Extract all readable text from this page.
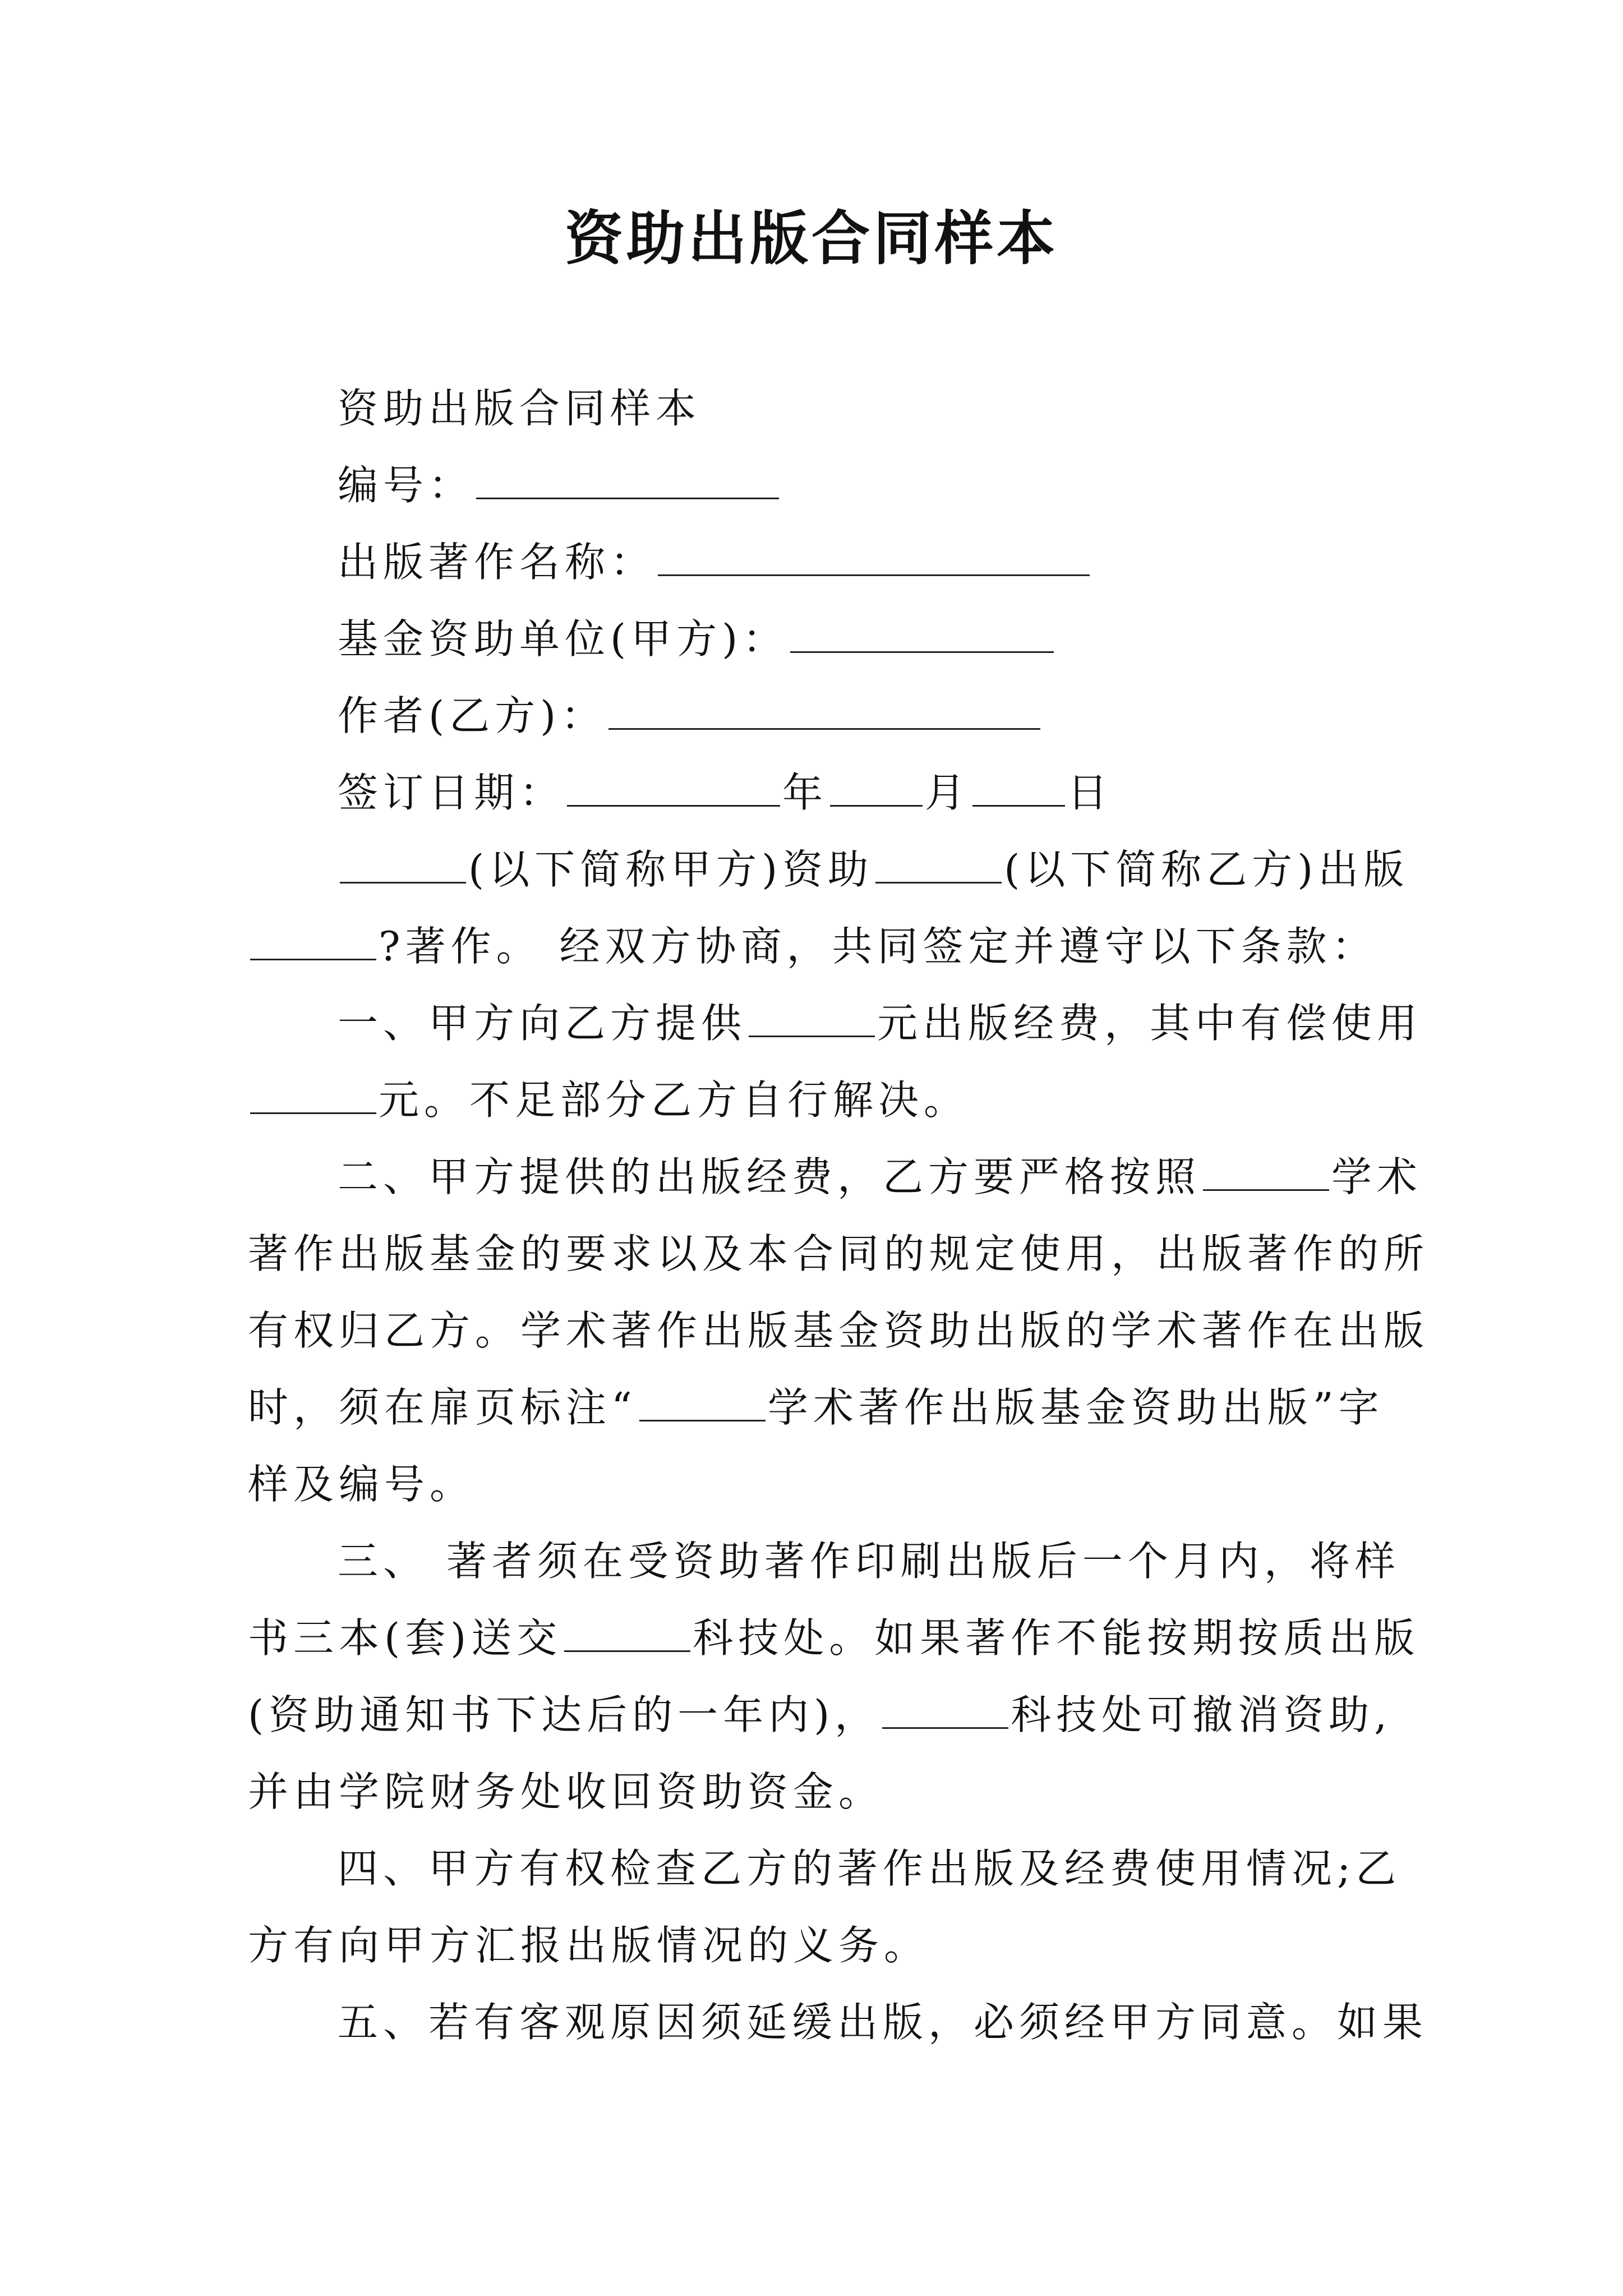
资助出版合同样本
资助出版合同样本
编号：
出版著作名称：
基金资助单位(甲方)：
作者(乙方)：
签订日期：	年 月 日
(以下简称甲方)资助	(以下简称乙方)出版
?著作。 经双方协商，共同签定并遵守以下条款：
一、甲方向乙方提供	元出版经费，其中有偿使用
元。不足部分乙方自行解决。
二、甲方提供的出版经费，乙方要严格按照	学术
著作出版基金的要求以及本合同的规定使用，出版著作的所
有权归乙方。学术著作出版基金资助出版的学术著作在出版
时，须在扉页标注“	学术著作出版基金资助出版”字
样及编号。
三、 著者须在受资助著作印刷出版后一个月内，将样
书三本(套)送交	科技处。如果著作不能按期按质出版
(资助通知书下达后的一年内)，	科技处可撤消资助,
并由学院财务处收回资助资金。
四、甲方有权检查乙方的著作出版及经费使用情况;乙
方有向甲方汇报出版情况的义务。
五、若有客观原因须延缓出版，必须经甲方同意。如果
